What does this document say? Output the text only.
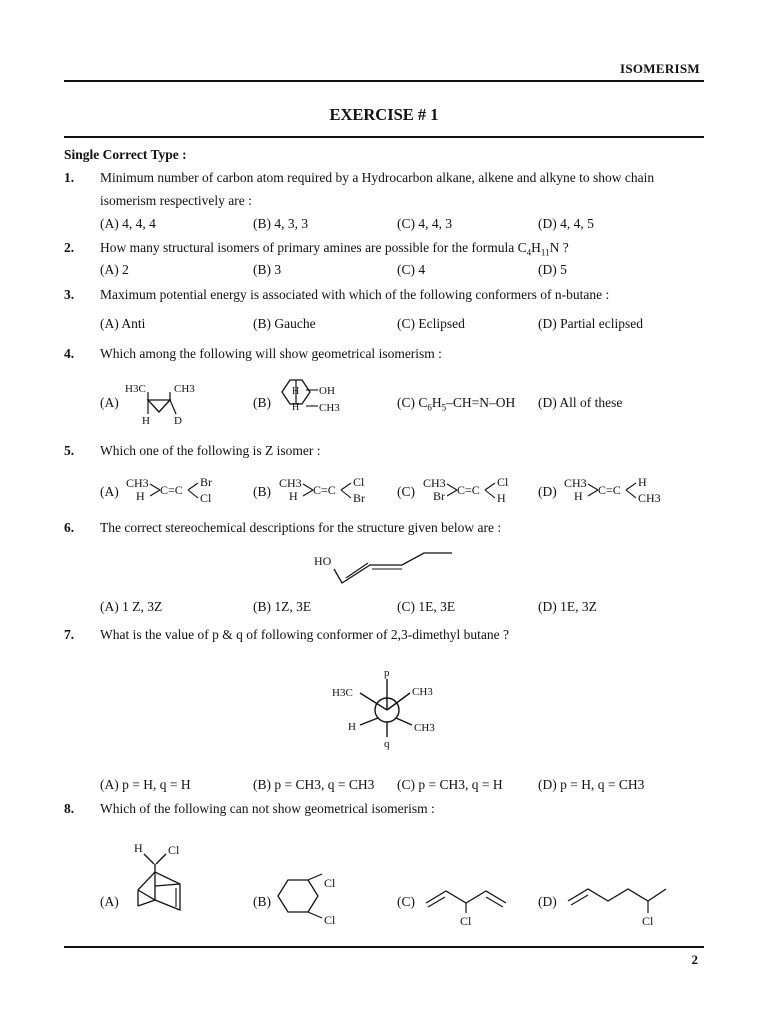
ISOMERISM
EXERCISE # 1
Single Correct Type :
1. Minimum number of carbon atom required by a Hydrocarbon alkane, alkene and alkyne to show chain isomerism respectively are :
(A) 4, 4, 4	(B) 4, 3, 3	(C) 4, 4, 3	(D) 4, 4, 5
2. How many structural isomers of primary amines are possible for the formula $C_4H_{11}N$ ?
(A) 2	(B) 3	(C) 4	(D) 5
3. Maximum potential energy is associated with which of the following conformers of n-butane :
(A) Anti	(B) Gauche	(C) Eclipsed	(D) Partial eclipsed
4. Which among the following will show geometrical isomerism :
(A)
H3C	CH3
H D
(B)
H OH
H CH3	(C) $C_6H_5-CH=N-OH$ (D) All of these
5. Which one of the following is Z isomer :
(A)
CH3
H C=C
Br
Cl	(B)
CH3
H C=C
Cl
Br (C)
CH3
Br C=C
Cl
H (D)
CH3
H C=C
H
CH3
6. The correct stereochemical descriptions for the structure given below are :
HO
(A) 1 Z, 3Z	(B) 1Z, 3E	(C) 1E, 3E	(D) 1E, 3Z
7. What is the value of p & q of following conformer of 2,3-dimethyl butane ?
p
q
H3C	CH3
H	CH3
(A) p = H, q = H	(B) p = CH3, q = CH3 (C) p = CH3, q = H	(D) p = H, q = CH3
8. Which of the following can not show geometrical isomerism :
(A)
H Cl
(B)
Cl
Cl
(C)
Cl
(D)
Cl
2
